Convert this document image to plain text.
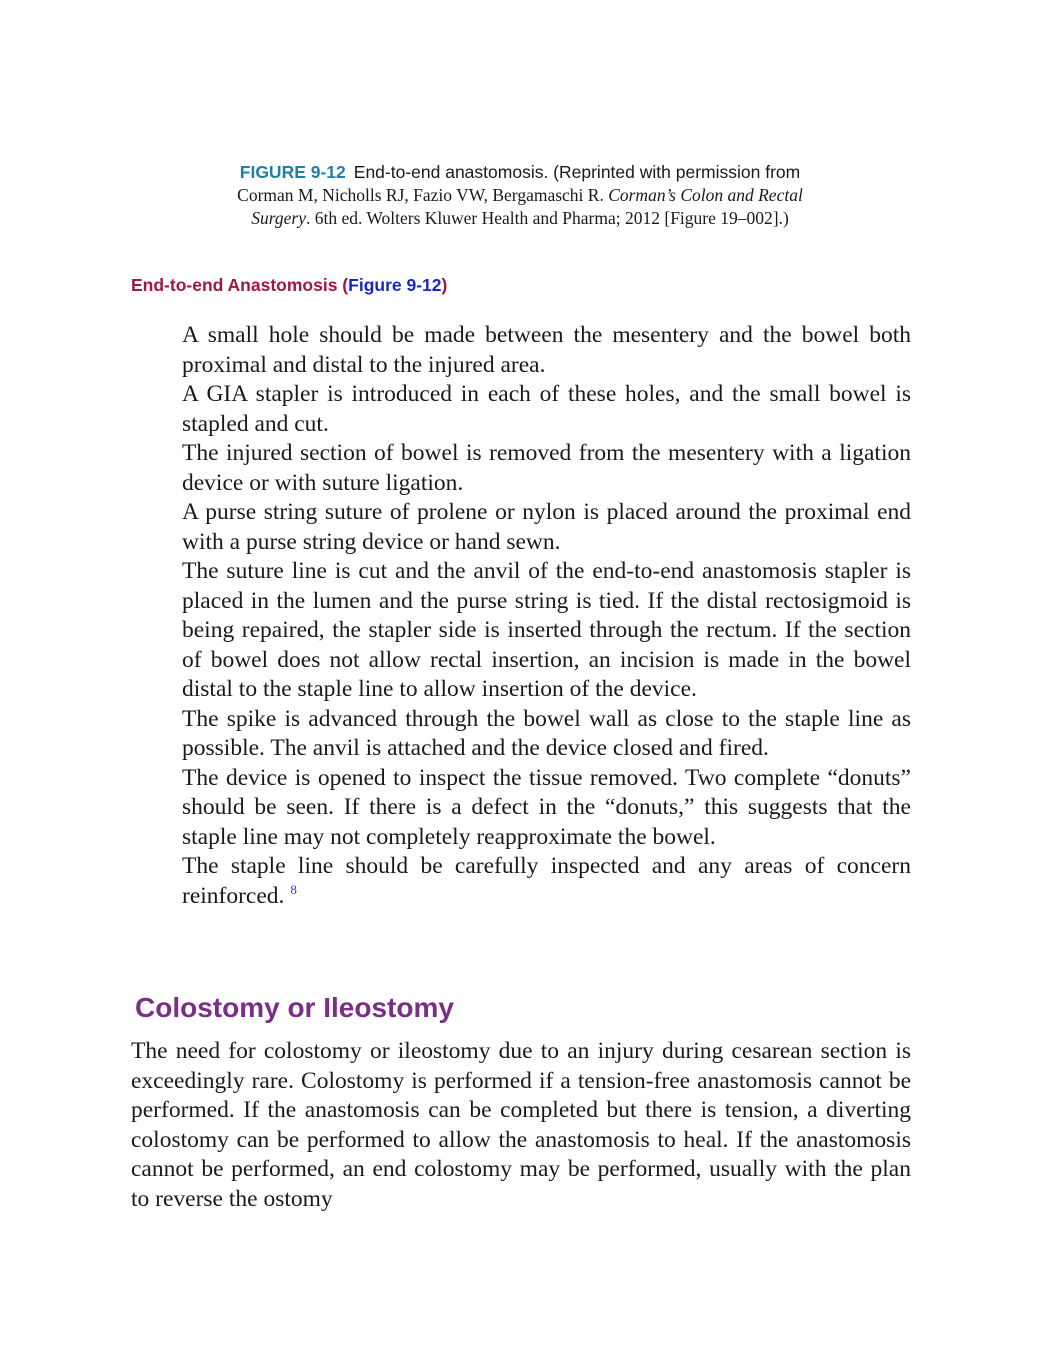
FIGURE 9-12 End-to-end anastomosis. (Reprinted with permission from
Corman M, Nicholls RJ, Fazio VW, Bergamaschi R. Corman’s Colon and Rectal
Surgery. 6th ed. Wolters Kluwer Health and Pharma; 2012 [Figure 19–002].)
End-to-end Anastomosis (Figure 9-12)
A small hole should be made between the mesentery and the bowel both proximal and distal to the injured area.
A GIA stapler is introduced in each of these holes, and the small bowel is stapled and cut.
The injured section of bowel is removed from the mesentery with a ligation device or with suture ligation.
A purse string suture of prolene or nylon is placed around the proximal end with a purse string device or hand sewn.
The suture line is cut and the anvil of the end-to-end anastomosis stapler is placed in the lumen and the purse string is tied. If the distal rectosigmoid is being repaired, the stapler side is inserted through the rectum. If the section of bowel does not allow rectal insertion, an incision is made in the bowel distal to the staple line to allow insertion of the device.
The spike is advanced through the bowel wall as close to the staple line as possible. The anvil is attached and the device closed and fired.
The device is opened to inspect the tissue removed. Two complete “donuts” should be seen. If there is a defect in the “donuts,” this suggests that the staple line may not completely reapproximate the bowel.
The staple line should be carefully inspected and any areas of concern reinforced. $^8$
Colostomy or Ileostomy

The need for colostomy or ileostomy due to an injury during cesarean section is exceedingly rare. Colostomy is performed if a tension-free anastomosis cannot be performed. If the anastomosis can be completed but there is tension, a diverting colostomy can be performed to allow the anastomosis to heal. If the anastomosis cannot be performed, an end colostomy may be performed, usually with the plan to reverse the ostomy
